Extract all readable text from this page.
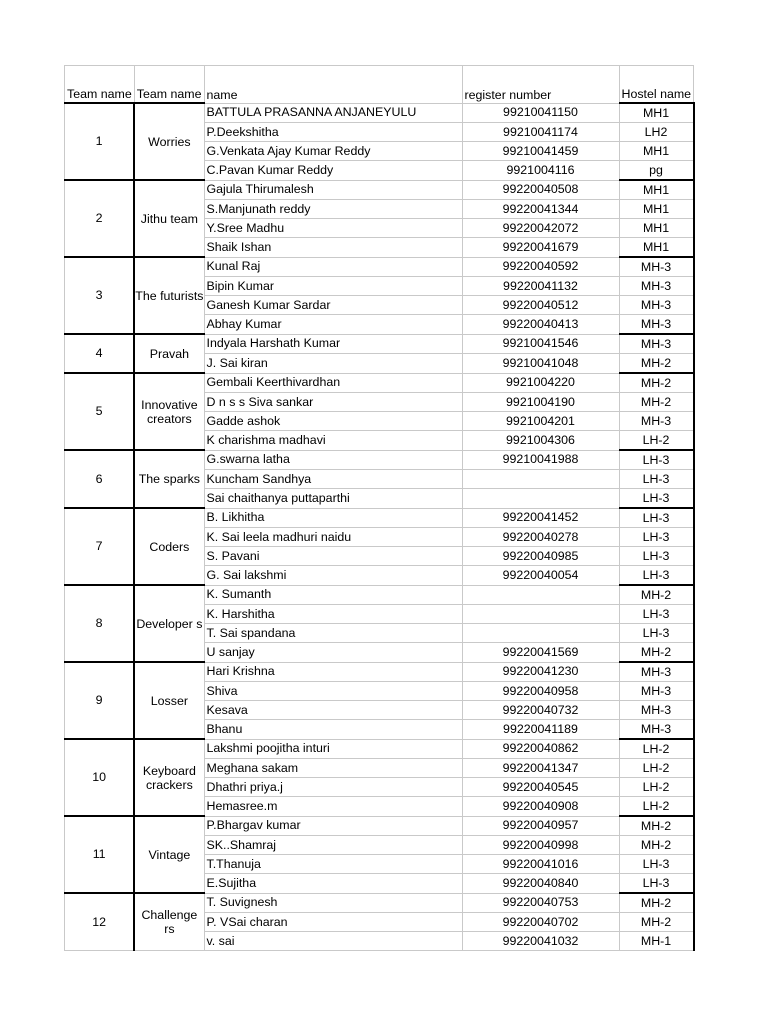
Team name	Team name	name	register number	Hostel name
1	Worries	BATTULA PRASANNA ANJANEYULU	99210041150	MH1
		P.Deekshitha	99210041174	LH2
		G.Venkata Ajay Kumar Reddy	99210041459	MH1
		C.Pavan Kumar Reddy	9921004116	pg
2	Jithu team	Gajula Thirumalesh	99220040508	MH1
		S.Manjunath reddy	99220041344	MH1
		Y.Sree Madhu	99220042072	MH1
		Shaik Ishan	99220041679	MH1
3	The futurists	Kunal Raj	99220040592	MH-3
		Bipin Kumar	99220041132	MH-3
		Ganesh Kumar Sardar	99220040512	MH-3
		Abhay Kumar	99220040413	MH-3
4	Pravah	Indyala Harshath Kumar	99210041546	MH-3
		J. Sai kiran	99210041048	MH-2
5	Innovative creators	Gembali Keerthivardhan	9921004220	MH-2
		D n s s Siva sankar	9921004190	MH-2
		Gadde ashok	9921004201	MH-3
		K charishma madhavi	9921004306	LH-2
6	The sparks	G.swarna latha	99210041988	LH-3
		Kuncham Sandhya		LH-3
		Sai chaithanya puttaparthi		LH-3
7	Coders	B. Likhitha	99220041452	LH-3
		K. Sai leela madhuri naidu	99220040278	LH-3
		S. Pavani	99220040985	LH-3
		G. Sai lakshmi	99220040054	LH-3
8	Developer s	K. Sumanth		MH-2
		K. Harshitha		LH-3
		T. Sai spandana		LH-3
		U sanjay	99220041569	MH-2
9	Losser	Hari Krishna	99220041230	MH-3
		Shiva	99220040958	MH-3
		Kesava	99220040732	MH-3
		Bhanu	99220041189	MH-3
10	Keyboard crackers	Lakshmi poojitha inturi	99220040862	LH-2
		Meghana sakam	99220041347	LH-2
		Dhathri priya.j	99220040545	LH-2
		Hemasree.m	99220040908	LH-2
11	Vintage	P.Bhargav kumar	99220040957	MH-2
		SK..Shamraj	99220040998	MH-2
		T.Thanuja	99220041016	LH-3
		E.Sujitha	99220040840	LH-3
12	Challenge rs	T. Suvignesh	99220040753	MH-2
		P. VSai charan	99220040702	MH-2
		v. sai	99220041032	MH-1
